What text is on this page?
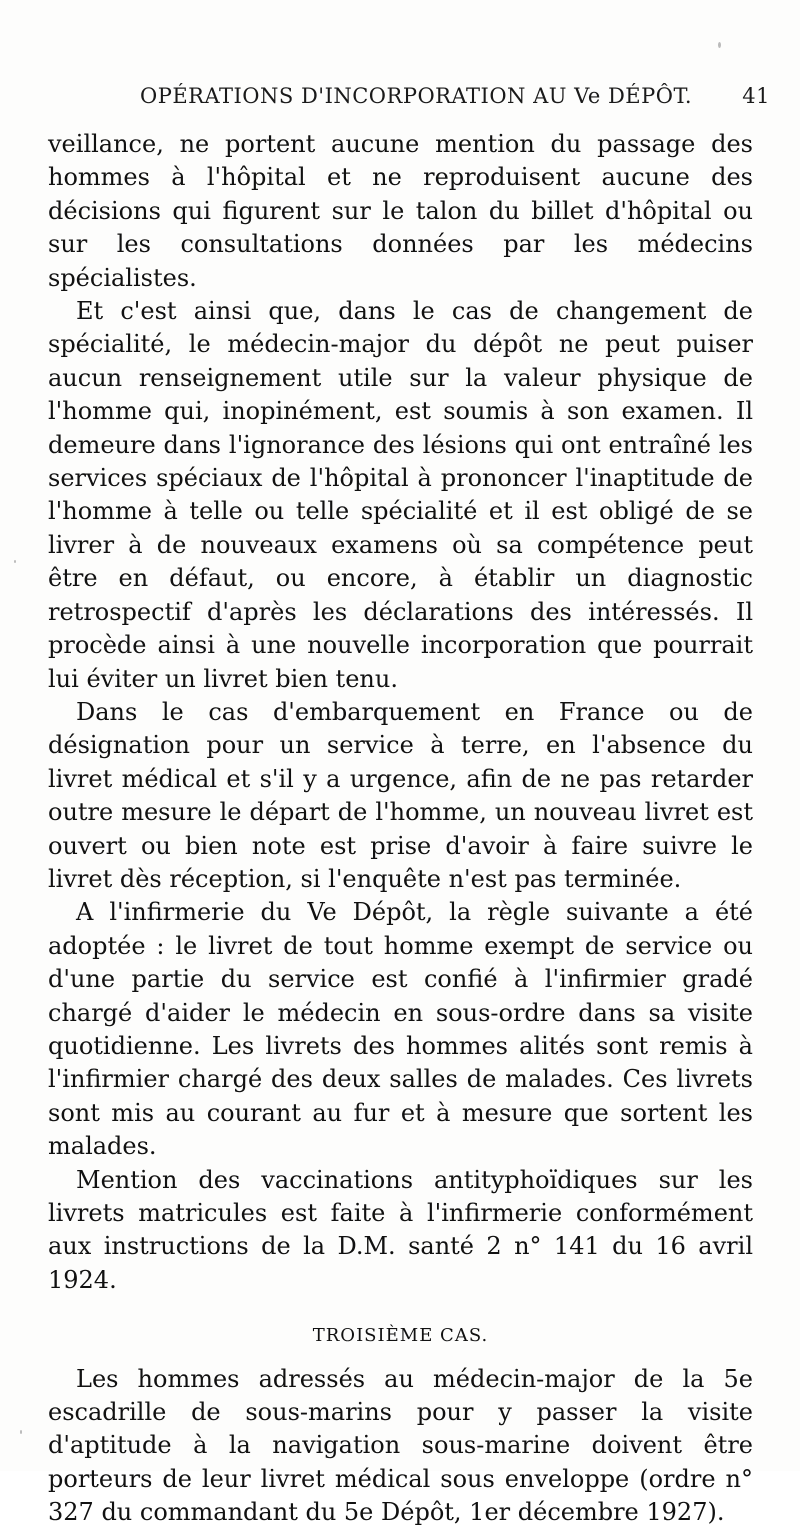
OPÉRATIONS D'INCORPORATION AU Ve DÉPÔT. 41

veillance, ne portent aucune mention du passage des hommes à l'hôpital et ne reproduisent aucune des décisions qui figurent sur le talon du billet d'hôpital ou sur les consultations données par les médecins spécialistes.

Et c'est ainsi que, dans le cas de changement de spécialité, le médecin-major du dépôt ne peut puiser aucun renseignement utile sur la valeur physique de l'homme qui, inopinément, est soumis à son examen. Il demeure dans l'ignorance des lésions qui ont entraîné les services spéciaux de l'hôpital à prononcer l'inaptitude de l'homme à telle ou telle spécialité et il est obligé de se livrer à de nouveaux examens où sa compétence peut être en défaut, ou encore, à établir un diagnostic retrospectif d'après les déclarations des intéressés. Il procède ainsi à une nouvelle incorporation que pourrait lui éviter un livret bien tenu.

Dans le cas d'embarquement en France ou de désignation pour un service à terre, en l'absence du livret médical et s'il y a urgence, afin de ne pas retarder outre mesure le départ de l'homme, un nouveau livret est ouvert ou bien note est prise d'avoir à faire suivre le livret dès réception, si l'enquête n'est pas terminée.

A l'infirmerie du Ve Dépôt, la règle suivante a été adoptée : le livret de tout homme exempt de service ou d'une partie du service est confié à l'infirmier gradé chargé d'aider le médecin en sous-ordre dans sa visite quotidienne. Les livrets des hommes alités sont remis à l'infirmier chargé des deux salles de malades. Ces livrets sont mis au courant au fur et à mesure que sortent les malades.

Mention des vaccinations antityphoïdiques sur les livrets matricules est faite à l'infirmerie conformément aux instructions de la D.M. santé 2 n° 141 du 16 avril 1924.

TROISIÈME CAS.

Les hommes adressés au médecin-major de la 5e escadrille de sous-marins pour y passer la visite d'aptitude à la navigation sous-marine doivent être porteurs de leur livret médical sous enveloppe (ordre n° 327 du commandant du 5e Dépôt, 1er décembre 1927).
